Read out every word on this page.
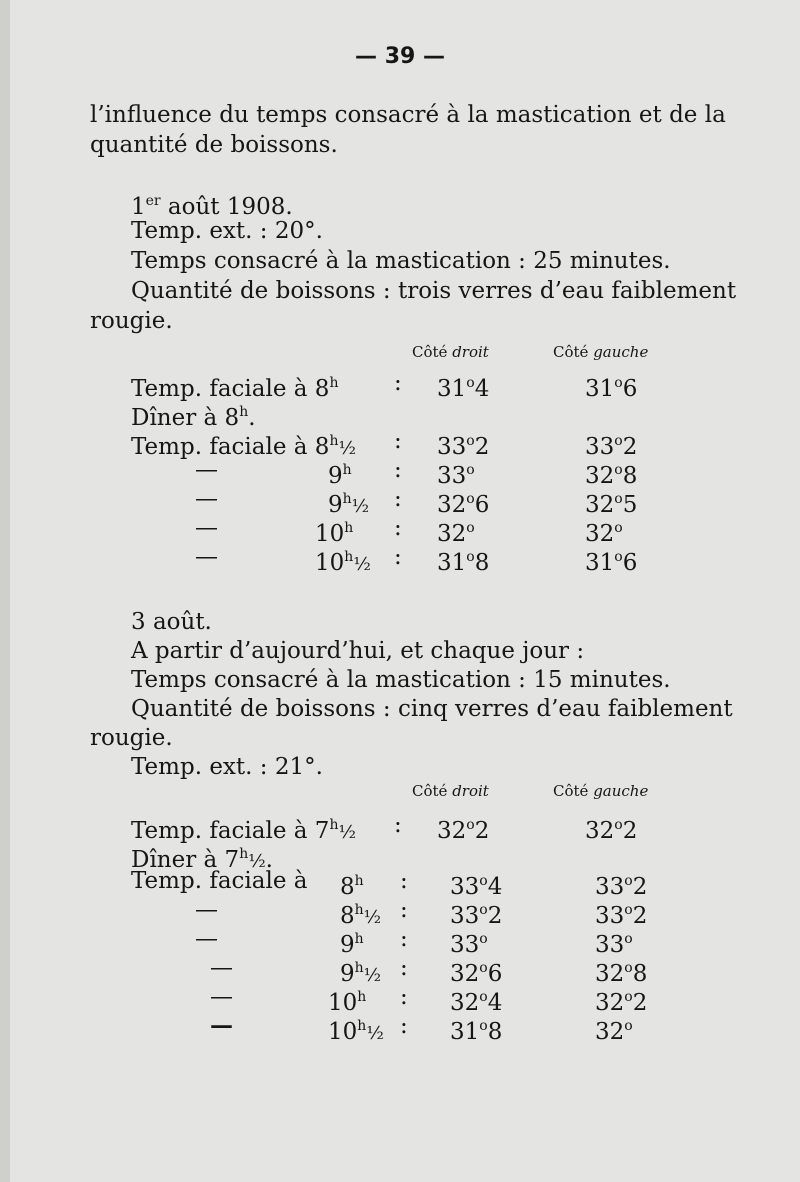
— 39 —
l’influence du temps consacré à la mastication et de la
quantité de boissons.
1er août 1908.
Temp. ext. : 20°.
Temps consacré à la mastication : 25 minutes.
Quantité de boissons : trois verres d’eau faiblement
rougie.
Côté droit	Côté gauche
Temp. faciale à 8$^h$ : 31$^o$4	31$^o$6
Dîner à 8$^h$.
Temp. faciale à 8$^h$½ : 33$^o$2	33$^o$2
—	9$^h$ : 33$^o$	32$^o$8
—	9$^h$½ : 32$^o$6	32$^o$5
—	10$^h$ : 32$^o$	32$^o$
—	10$^h$½ : 31$^o$8	31$^o$6
3 août.
A partir d’aujourd’hui, et chaque jour :
Temps consacré à la mastication : 15 minutes.
Quantité de boissons : cinq verres d’eau faiblement
rougie.
Temp. ext. : 21°.
Côté droit	Côté gauche
Temp. faciale à 7$^h$½ : 32$^o$2	32$^o$2
Dîner à 7$^h$½.
Temp. faciale à 8$^h$ : 33$^o$4	33$^o$2
—	8$^h$½ : 33$^o$2	33$^o$2
—	9$^h$ : 33$^o$	33$^o$
—	9$^h$½ : 32$^o$6	32$^o$8
—	10$^h$ : 32$^o$4	32$^o$2
—	10$^h$½ : 31$^o$8	32$^o$
